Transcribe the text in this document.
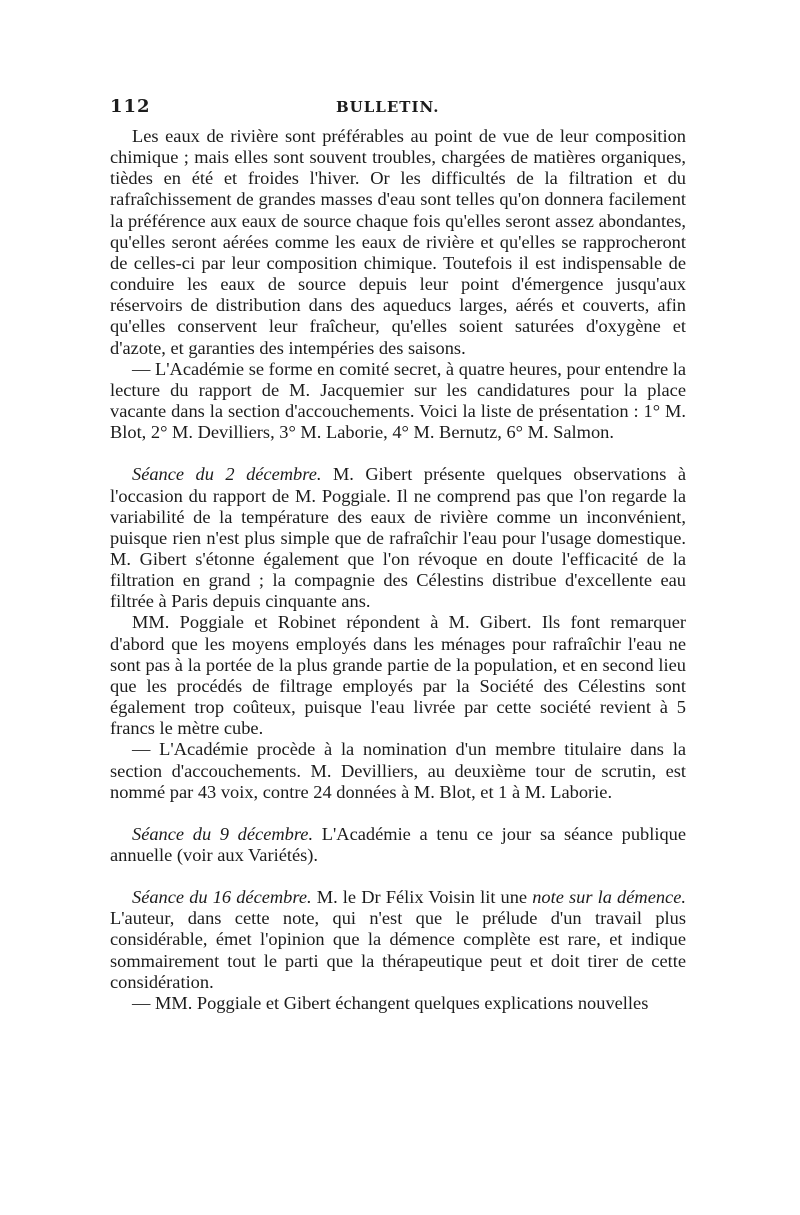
112	BULLETIN.

Les eaux de rivière sont préférables au point de vue de leur composition chimique ; mais elles sont souvent troubles, chargées de matières organiques, tièdes en été et froides l'hiver. Or les difficultés de la filtration et du rafraîchissement de grandes masses d'eau sont telles qu'on donnera facilement la préférence aux eaux de source chaque fois qu'elles seront assez abondantes, qu'elles seront aérées comme les eaux de rivière et qu'elles se rapprocheront de celles-ci par leur composition chimique. Toutefois il est indispensable de conduire les eaux de source depuis leur point d'émergence jusqu'aux réservoirs de distribution dans des aqueducs larges, aérés et couverts, afin qu'elles conservent leur fraîcheur, qu'elles soient saturées d'oxygène et d'azote, et garanties des intempéries des saisons.

— L'Académie se forme en comité secret, à quatre heures, pour entendre la lecture du rapport de M. Jacquemier sur les candidatures pour la place vacante dans la section d'accouchements. Voici la liste de présentation : 1° M. Blot, 2° M. Devilliers, 3° M. Laborie, 4° M. Bernutz, 6° M. Salmon.

Séance du 2 décembre. M. Gibert présente quelques observations à l'occasion du rapport de M. Poggiale. Il ne comprend pas que l'on regarde la variabilité de la température des eaux de rivière comme un inconvénient, puisque rien n'est plus simple que de rafraîchir l'eau pour l'usage domestique. M. Gibert s'étonne également que l'on révoque en doute l'efficacité de la filtration en grand ; la compagnie des Célestins distribue d'excellente eau filtrée à Paris depuis cinquante ans.

MM. Poggiale et Robinet répondent à M. Gibert. Ils font remarquer d'abord que les moyens employés dans les ménages pour rafraîchir l'eau ne sont pas à la portée de la plus grande partie de la population, et en second lieu que les procédés de filtrage employés par la Société des Célestins sont également trop coûteux, puisque l'eau livrée par cette société revient à 5 francs le mètre cube.

— L'Académie procède à la nomination d'un membre titulaire dans la section d'accouchements. M. Devilliers, au deuxième tour de scrutin, est nommé par 43 voix, contre 24 données à M. Blot, et 1 à M. Laborie.

Séance du 9 décembre. L'Académie a tenu ce jour sa séance publique annuelle (voir aux Variétés).

Séance du 16 décembre. M. le Dr Félix Voisin lit une note sur la démence. L'auteur, dans cette note, qui n'est que le prélude d'un travail plus considérable, émet l'opinion que la démence complète est rare, et indique sommairement tout le parti que la thérapeutique peut et doit tirer de cette considération.

— MM. Poggiale et Gibert échangent quelques explications nouvelles
